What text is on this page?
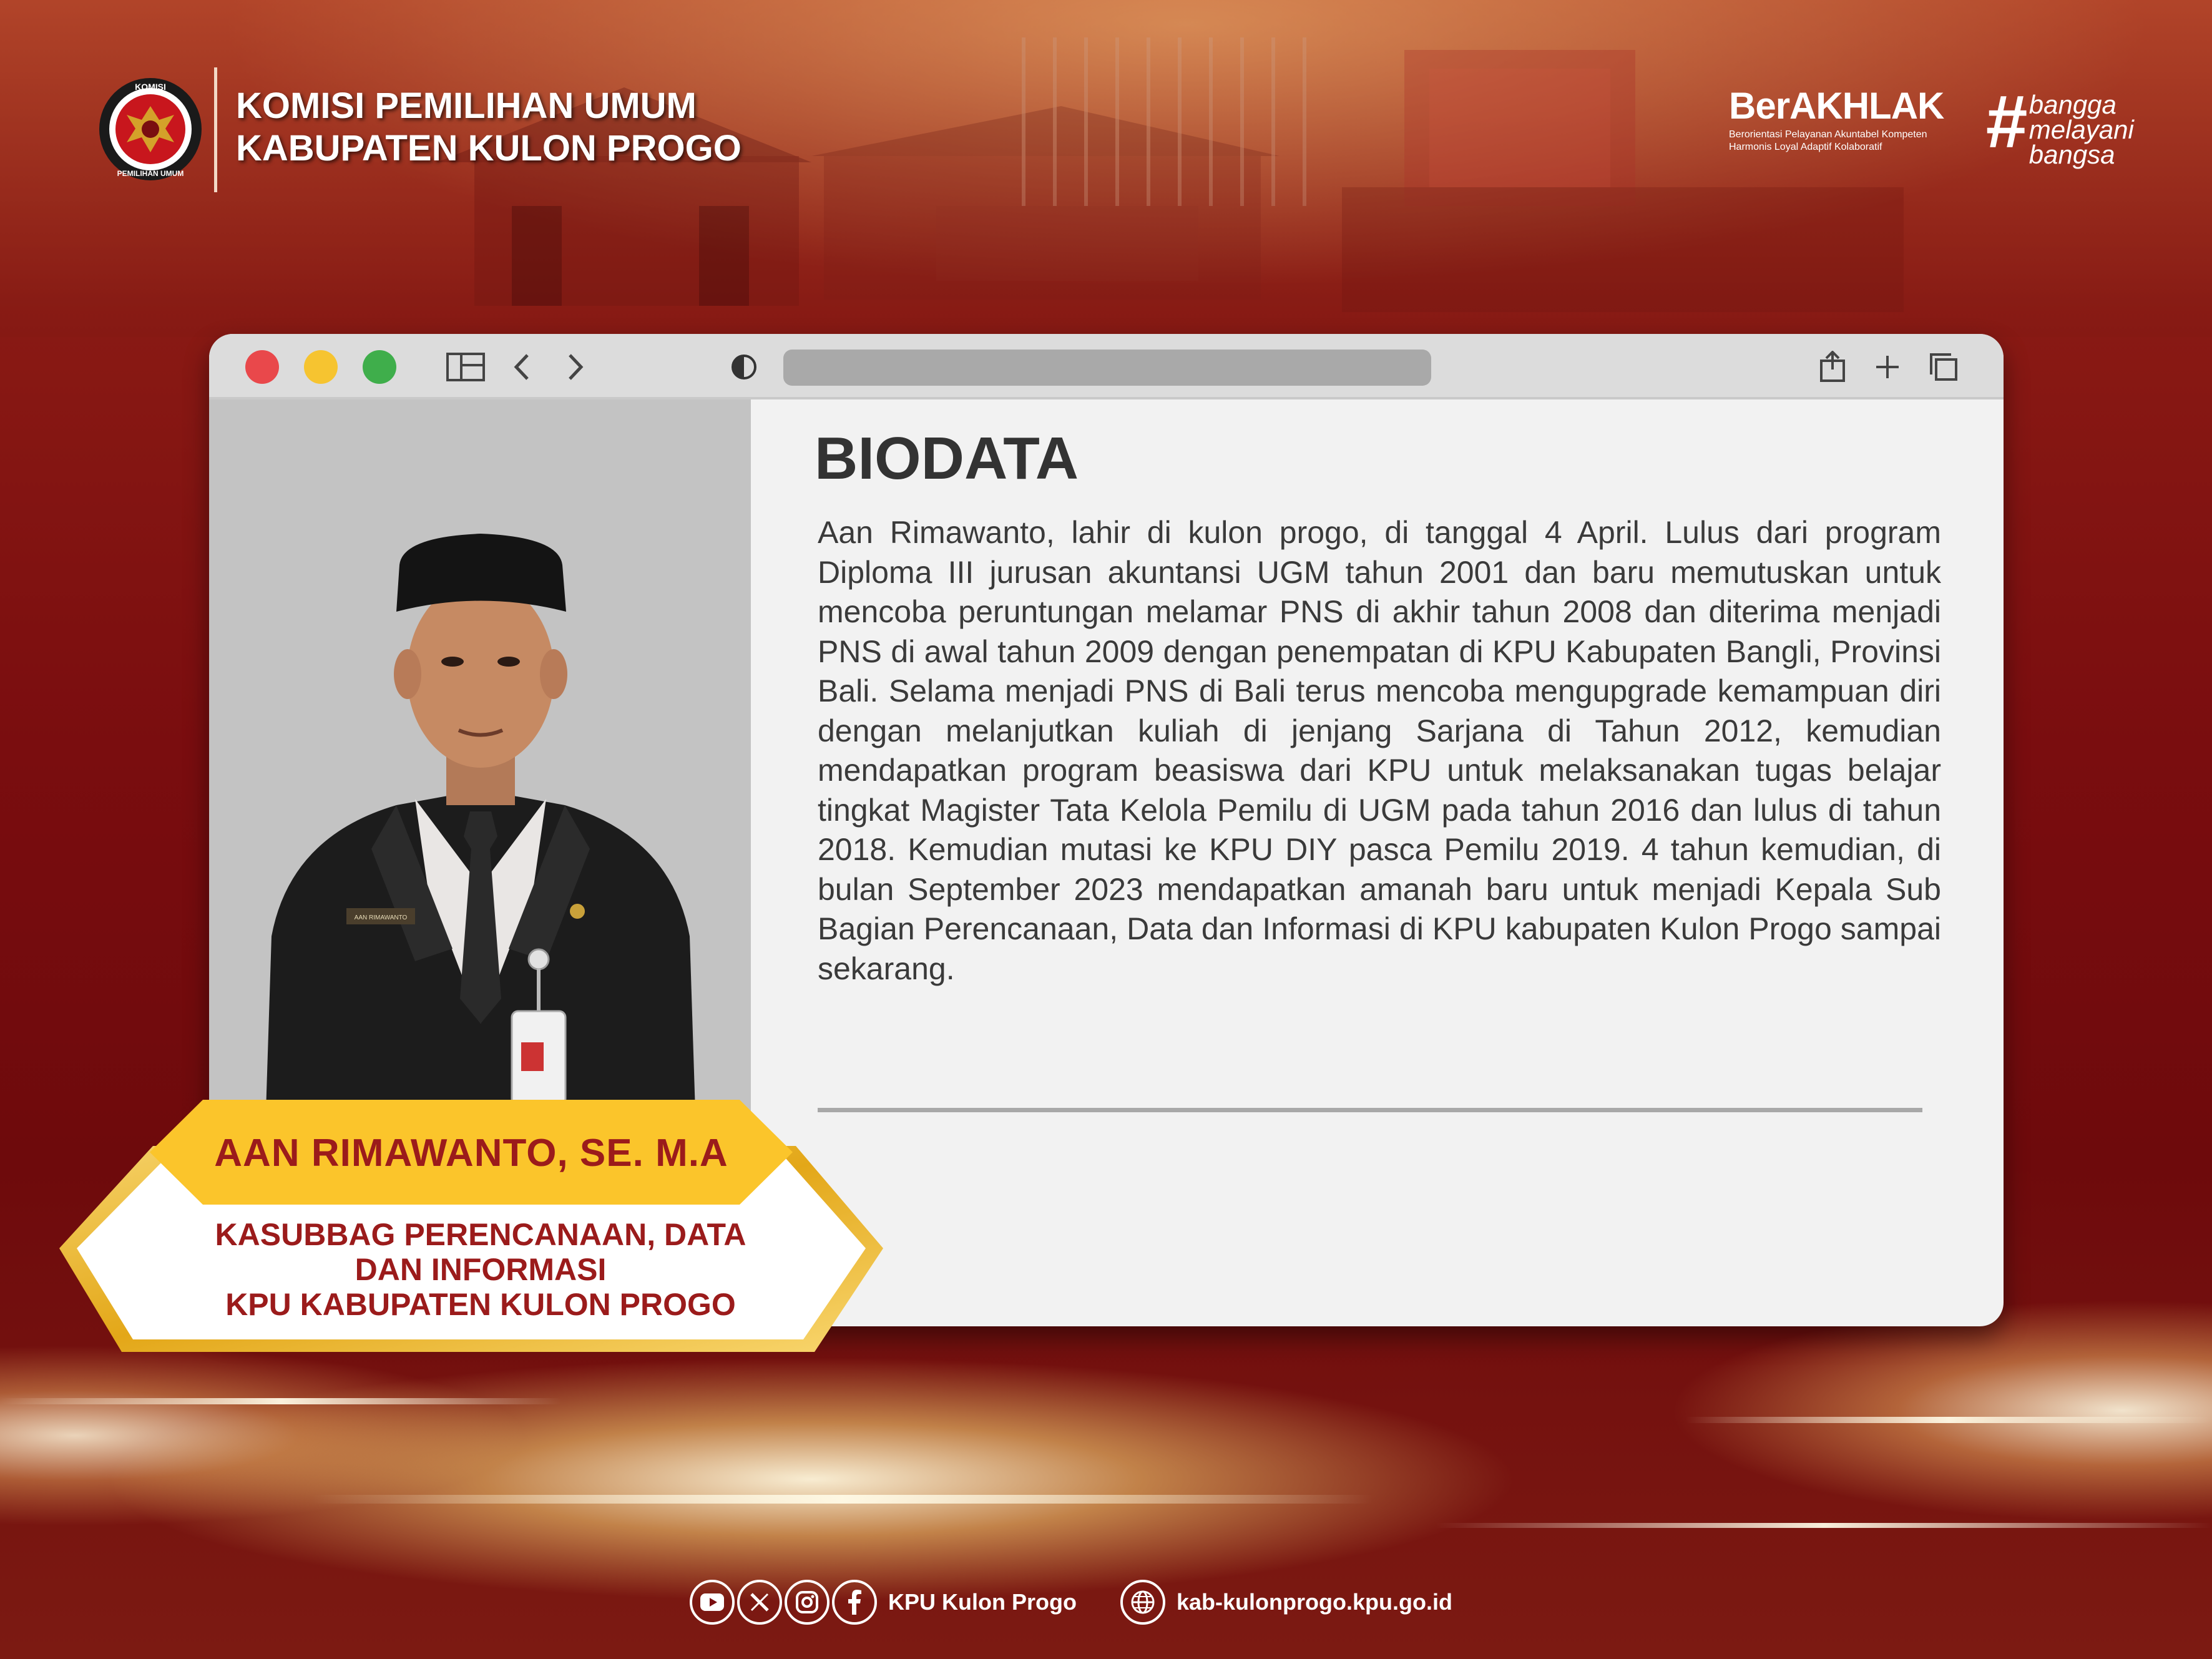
KOMISI
PEMILIHAN UMUM
KOMISI PEMILIHAN UMUM
KABUPATEN KULON PROGO
BerAKHLAK
Berorientasi Pelayanan Akuntabel Kompeten
Harmonis Loyal Adaptif Kolaboratif	# bangga
melayani
bangsa
AAN RIMAWANTO
BIODATA
Aan Rimawanto, lahir di kulon progo, di tanggal 4 April. Lulus dari program Diploma III jurusan akuntansi UGM tahun 2001 dan baru memutuskan untuk mencoba peruntungan melamar PNS di akhir tahun 2008 dan diterima menjadi PNS di awal tahun 2009 dengan penempatan di KPU Kabupaten Bangli, Provinsi Bali. Selama menjadi PNS di Bali terus mencoba mengupgrade kemampuan diri dengan melanjutkan kuliah di jenjang Sarjana di Tahun 2012, kemudian mendapatkan program beasiswa dari KPU untuk melaksanakan tugas belajar tingkat Magister Tata Kelola Pemilu di UGM pada tahun 2016 dan lulus di tahun 2018. Kemudian mutasi ke KPU DIY pasca Pemilu 2019. 4 tahun kemudian, di bulan September 2023 mendapatkan amanah baru untuk menjadi Kepala Sub Bagian Perencanaan, Data dan Informasi di KPU kabupaten Kulon Progo sampai sekarang.
AAN RIMAWANTO, SE. M.A
KASUBBAG PERENCANAAN, DATA
DAN INFORMASI
KPU KABUPATEN KULON PROGO
KPU Kulon Progo	kab-kulonprogo.kpu.go.id
